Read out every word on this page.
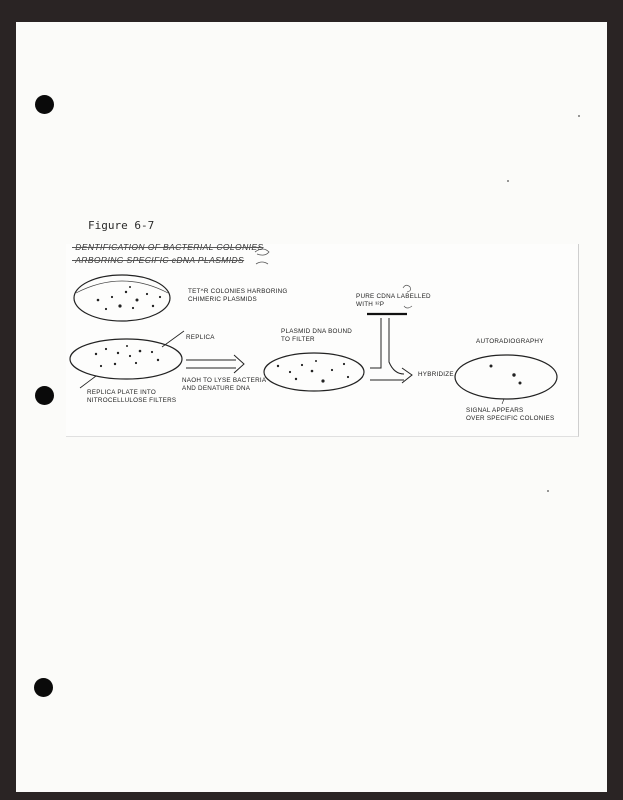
Figure 6-7
·DENTIFICATION OF BACTERIAL COLONIES
·ARBORING SPECIFIC cDNA PLASMIDS
TET^R COLONIES HARBORING
CHIMERIC PLASMIDS
REPLICA
REPLICA PLATE INTO
NITROCELLULOSE FILTERS
NAOH TO LYSE BACTERIA
AND DENATURE DNA
PLASMID DNA BOUND
TO FILTER
PURE CDNA LABELLED
WITH ³²P
HYBRIDIZE
AUTORADIOGRAPHY
SIGNAL APPEARS
OVER SPECIFIC COLONIES
